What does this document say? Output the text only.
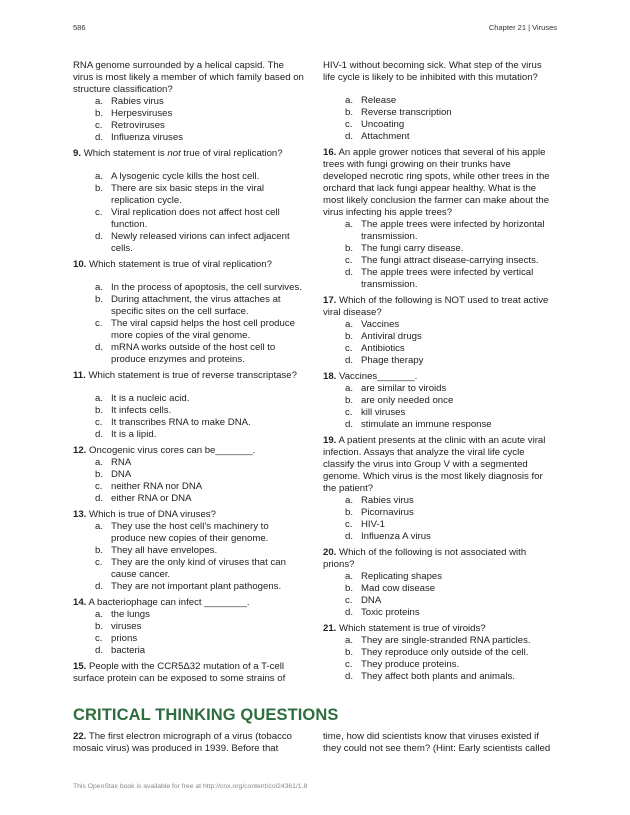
586	Chapter 21 | Viruses
RNA genome surrounded by a helical capsid. The virus is most likely a member of which family based on structure classification?
a. Rabies virus
b. Herpesviruses
c. Retroviruses
d. Influenza viruses
9. Which statement is not true of viral replication?
a. A lysogenic cycle kills the host cell.
b. There are six basic steps in the viral replication cycle.
c. Viral replication does not affect host cell function.
d. Newly released virions can infect adjacent cells.
10. Which statement is true of viral replication?
a. In the process of apoptosis, the cell survives.
b. During attachment, the virus attaches at specific sites on the cell surface.
c. The viral capsid helps the host cell produce more copies of the viral genome.
d. mRNA works outside of the host cell to produce enzymes and proteins.
11. Which statement is true of reverse transcriptase?
a. It is a nucleic acid.
b. It infects cells.
c. It transcribes RNA to make DNA.
d. It is a lipid.
12. Oncogenic virus cores can be_______.
a. RNA
b. DNA
c. neither RNA nor DNA
d. either RNA or DNA
13. Which is true of DNA viruses?
a. They use the host cell’s machinery to produce new copies of their genome.
b. They all have envelopes.
c. They are the only kind of viruses that can cause cancer.
d. They are not important plant pathogens.
14. A bacteriophage can infect ________.
a. the lungs
b. viruses
c. prions
d. bacteria
15. People with the CCR5Δ32 mutation of a T-cell surface protein can be exposed to some strains of
HIV-1 without becoming sick. What step of the virus life cycle is likely to be inhibited with this mutation?
a. Release
b. Reverse transcription
c. Uncoating
d. Attachment
16. An apple grower notices that several of his apple trees with fungi growing on their trunks have developed necrotic ring spots, while other trees in the orchard that lack fungi appear healthy. What is the most likely conclusion the farmer can make about the virus infecting his apple trees?
a. The apple trees were infected by horizontal transmission.
b. The fungi carry disease.
c. The fungi attract disease-carrying insects.
d. The apple trees were infected by vertical transmission.
17. Which of the following is NOT used to treat active viral disease?
a. Vaccines
b. Antiviral drugs
c. Antibiotics
d. Phage therapy
18. Vaccines_______.
a. are similar to viroids
b. are only needed once
c. kill viruses
d. stimulate an immune response
19. A patient presents at the clinic with an acute viral infection. Assays that analyze the viral life cycle classify the virus into Group V with a segmented genome. Which virus is the most likely diagnosis for the patient?
a. Rabies virus
b. Picornavirus
c. HIV-1
d. Influenza A virus
20. Which of the following is not associated with prions?
a. Replicating shapes
b. Mad cow disease
c. DNA
d. Toxic proteins
21. Which statement is true of viroids?
a. They are single-stranded RNA particles.
b. They reproduce only outside of the cell.
c. They produce proteins.
d. They affect both plants and animals.
CRITICAL THINKING QUESTIONS
22. The first electron micrograph of a virus (tobacco mosaic virus) was produced in 1939. Before that
time, how did scientists know that viruses existed if they could not see them? (Hint: Early scientists called
This OpenStax book is available for free at http://cnx.org/content/col24361/1.8
